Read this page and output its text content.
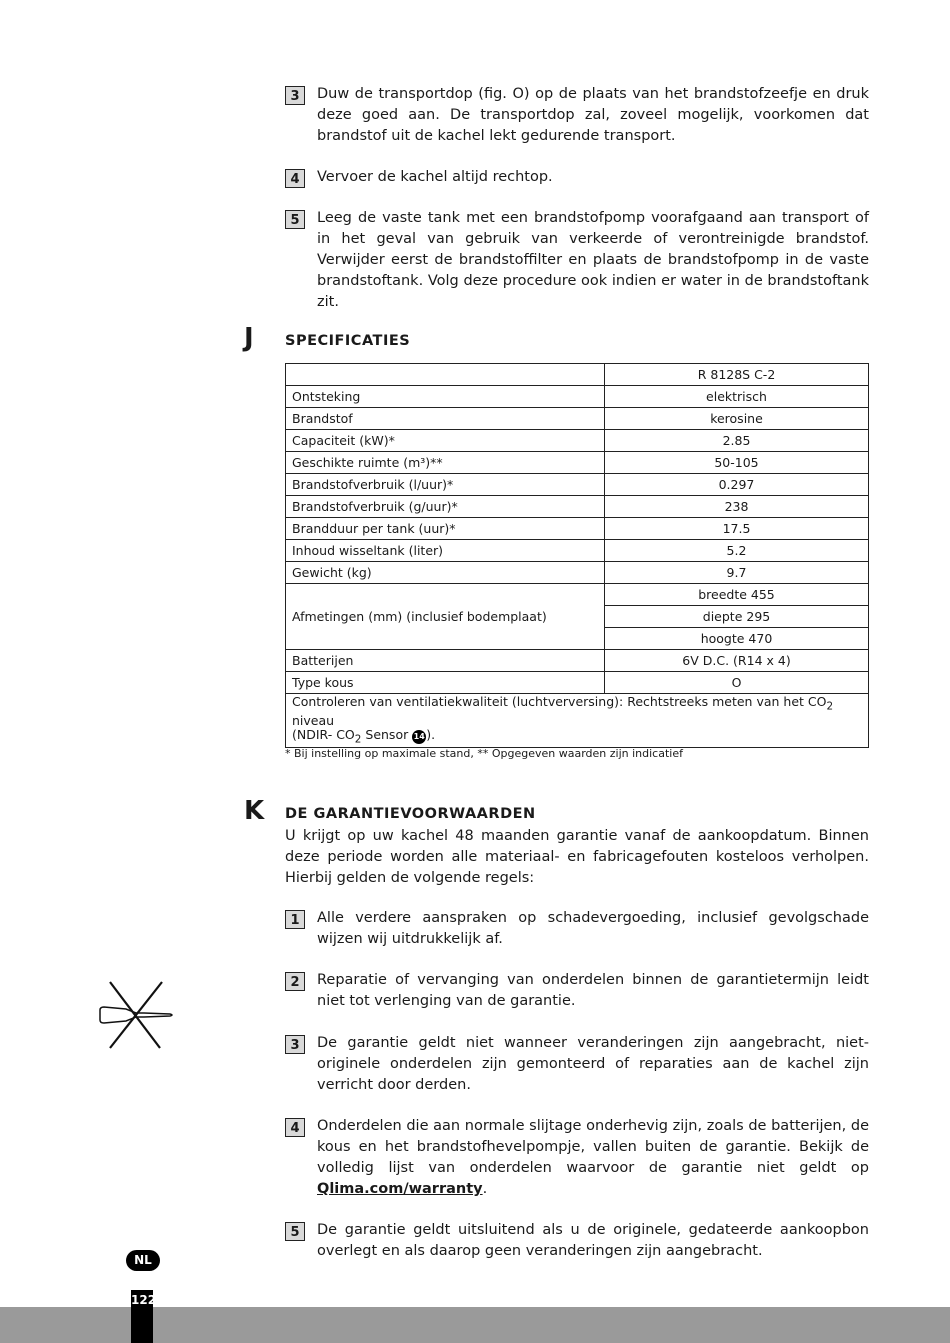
3	Duw de transportdop (fig. O) op de plaats van het brandstofzeefje en druk deze goed aan. De transportdop zal, zoveel mogelijk, voorkomen dat brandstof uit de kachel lekt gedurende transport.
4	Vervoer de kachel altijd rechtop.
5	Leeg de vaste tank met een brandstofpomp voorafgaand aan transport of in het geval van gebruik van verkeerde of verontreinigde brandstof. Verwijder eerst de brandstoffilter en plaats de brandstofpomp in de vaste brandstoftank. Volg deze procedure ook indien er water in de brandstoftank zit.
J SPECIFICATIES
	R 8128S C-2
Ontsteking	elektrisch
Brandstof	kerosine
Capaciteit (kW)*	2.85
Geschikte ruimte (m³)**	50-105
Brandstofverbruik (l/uur)*	0.297
Brandstofverbruik (g/uur)*	238
Brandduur per tank (uur)*	17.5
Inhoud wisseltank (liter)	5.2
Gewicht (kg)	9.7
Afmetingen (mm) (inclusief bodemplaat)	breedte 455
	diepte 295
	hoogte 470
Batterijen	6V D.C. (R14 x 4)
Type kous	O
Controleren van ventilatiekwaliteit (luchtverversing): Rechtstreeks meten van het $CO_2$ niveau
(NDIR- $CO_2$ Sensor 14).	
* Bij instelling op maximale stand, ** Opgegeven waarden zijn indicatief
K DE GARANTIEVOORWAARDEN
U krijgt op uw kachel 48 maanden garantie vanaf de aankoopdatum. Binnen deze periode worden alle materiaal- en fabricagefouten kosteloos verholpen. Hierbij gelden de volgende regels:
1	Alle verdere aanspraken op schadevergoeding, inclusief gevolgschade wijzen wij uitdrukkelijk af.
2	Reparatie of vervanging van onderdelen binnen de garantietermijn leidt niet tot verlenging van de garantie.
3	De garantie geldt niet wanneer veranderingen zijn aangebracht, niet-originele onderdelen zijn gemonteerd of reparaties aan de kachel zijn verricht door derden.
4	Onderdelen die aan normale slijtage onderhevig zijn, zoals de batterijen, de kous en het brandstofhevelpompje, vallen buiten de garantie. Bekijk de volledig lijst van onderdelen waarvoor de garantie niet geldt op Qlima.com/warranty.
5	De garantie geldt uitsluitend als u de originele, gedateerde aankoopbon overlegt en als daarop geen veranderingen zijn aangebracht.
NL
122
